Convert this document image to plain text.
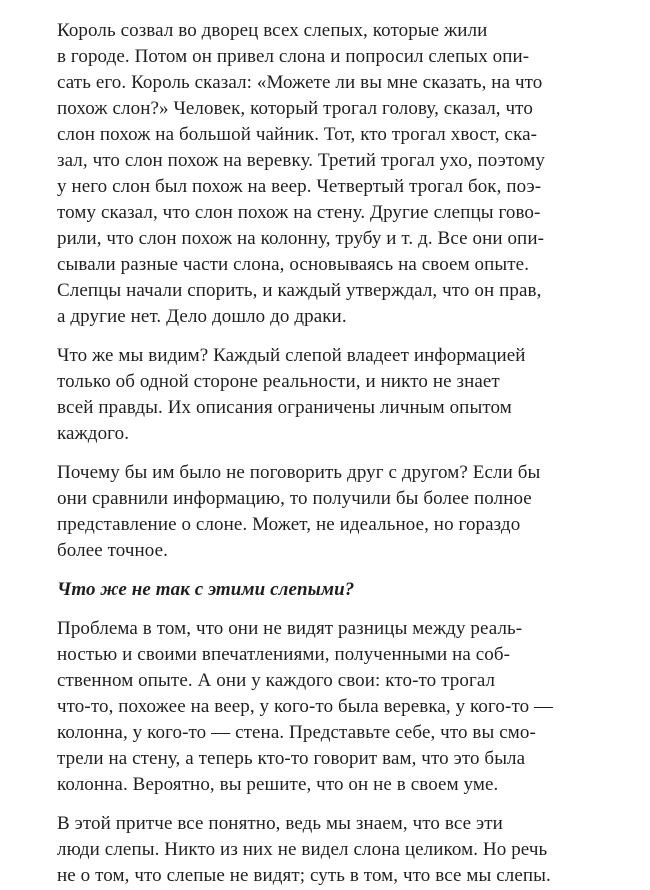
Король созвал во дворец всех слепых, которые жили
в городе. Потом он привел слона и попросил слепых опи-
сать его. Король сказал: «Можете ли вы мне сказать, на что
похож слон?» Человек, который трогал голову, сказал, что
слон похож на большой чайник. Тот, кто трогал хвост, ска-
зал, что слон похож на веревку. Третий трогал ухо, поэтому
у него слон был похож на веер. Четвертый трогал бок, поэ-
тому сказал, что слон похож на стену. Другие слепцы гово-
рили, что слон похож на колонну, трубу и т. д. Все они опи-
сывали разные части слона, основываясь на своем опыте.
Слепцы начали спорить, и каждый утверждал, что он прав,
а другие нет. Дело дошло до драки.
Что же мы видим? Каждый слепой владеет информацией
только об одной стороне реальности, и никто не знает
всей правды. Их описания ограничены личным опытом
каждого.
Почему бы им было не поговорить друг с другом? Если бы
они сравнили информацию, то получили бы более полное
представление о слоне. Может, не идеальное, но гораздо
более точное.
Что же не так с этими слепыми?
Проблема в том, что они не видят разницы между реаль-
ностью и своими впечатлениями, полученными на соб-
ственном опыте. А они у каждого свои: кто-то трогал
что-то, похожее на веер, у кого-то была веревка, у кого-то —
колонна, у кого-то — стена. Представьте себе, что вы смо-
трели на стену, а теперь кто-то говорит вам, что это была
колонна. Вероятно, вы решите, что он не в своем уме.
В этой притче все понятно, ведь мы знаем, что все эти
люди слепы. Никто из них не видел слона целиком. Но речь
не о том, что слепые не видят; суть в том, что все мы слепы.
